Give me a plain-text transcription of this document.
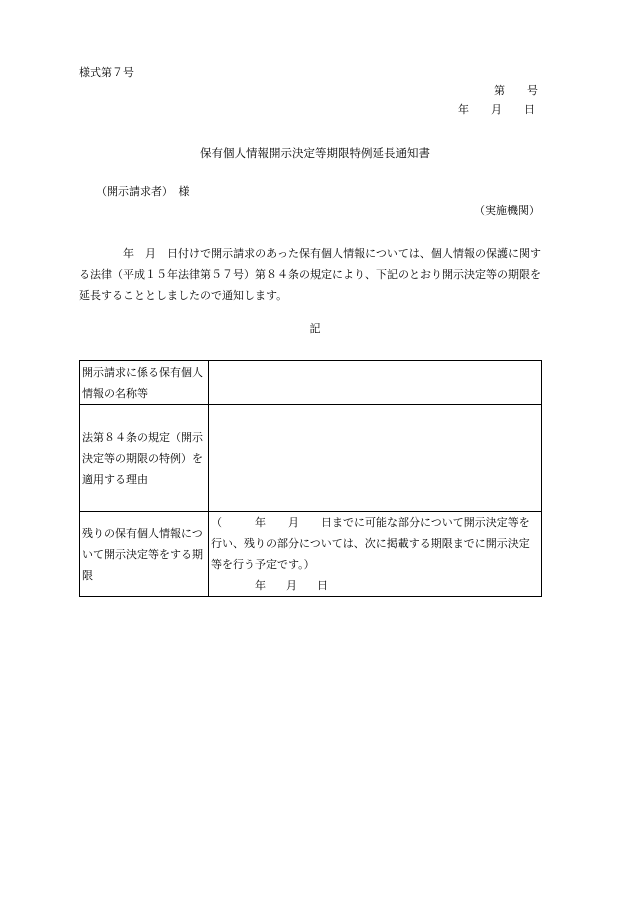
様式第７号
第 号
年 月 日
保有個人情報開示決定等期限特例延長通知書
（開示請求者）　様
（実施機関）
年　月　日付けで開示請求のあった保有個人情報については、個人情報の保護に関する法律（平成１５年法律第５７号）第８４条の規定により、下記のとおり開示決定等の期限を延長することとしましたので通知します。
記
開示請求に係る保有個人情報の名称等	
法第８４条の規定（開示決定等の期限の特例）を適用する理由	
残りの保有個人情報について開示決定等をする期限	（　　　年　　月　　日までに可能な部分について開示決定等を行い、残りの部分については、次に掲載する期限までに開示決定等を行う予定です。）
年 月 日
